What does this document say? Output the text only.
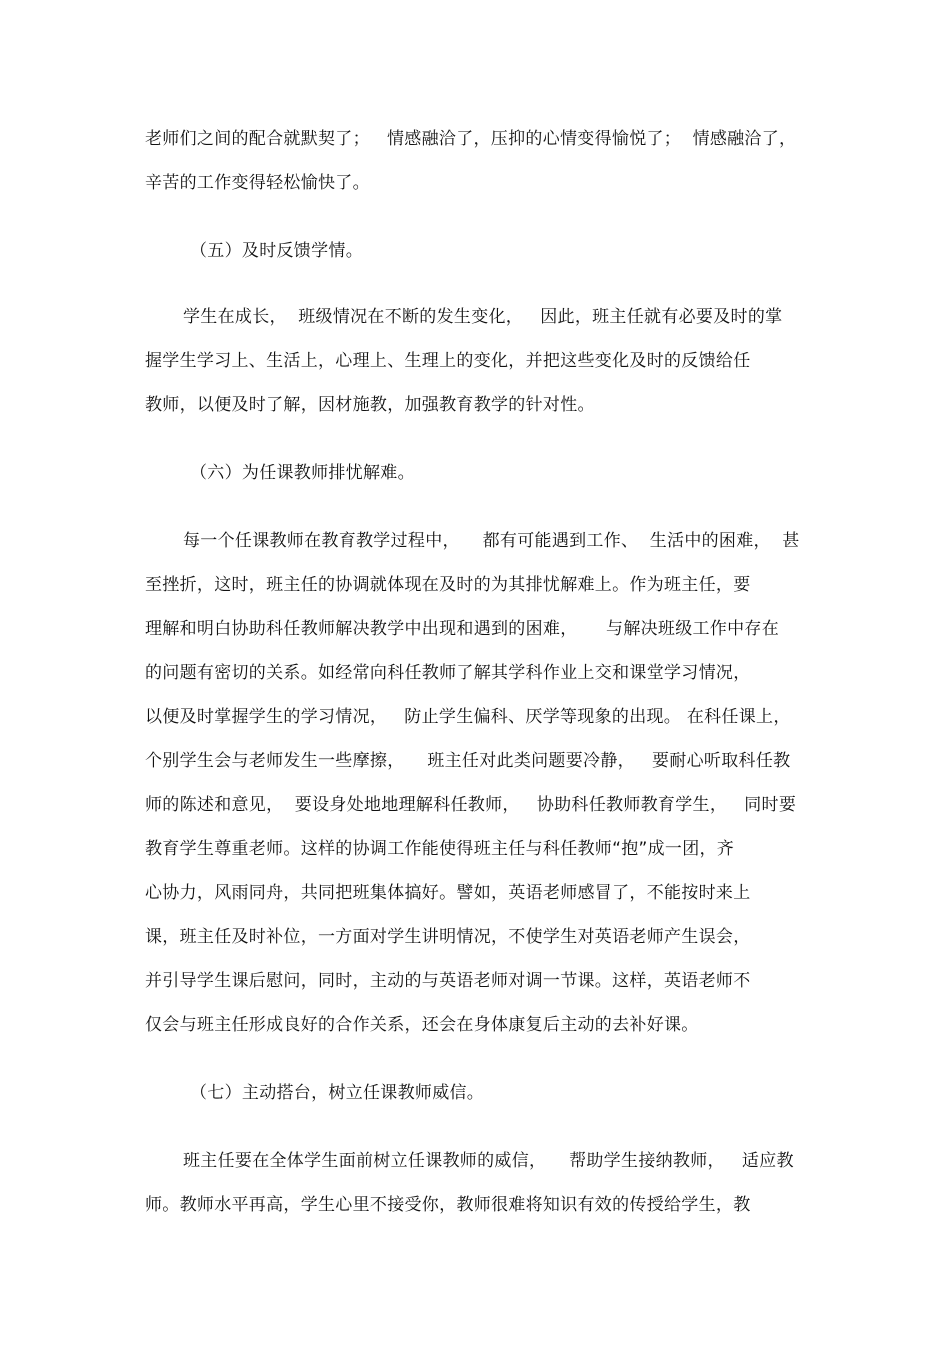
老师们之间的配合就默契了；   情感融洽了，压抑的心情变得愉悦了；  情感融洽了，
辛苦的工作变得轻松愉快了。
（五）及时反馈学情。
学生在成长，  班级情况在不断的发生变化，   因此，班主任就有必要及时的掌
握学生学习上、生活上，心理上、生理上的变化，并把这些变化及时的反馈给任
教师，以便及时了解，因材施教，加强教育教学的针对性。
（六）为任课教师排忧解难。
每一个任课教师在教育教学过程中，    都有可能遇到工作、  生活中的困难，  甚
至挫折，这时，班主任的协调就体现在及时的为其排忧解难上。作为班主任，要
理解和明白协助科任教师解决教学中出现和遇到的困难，     与解决班级工作中存在
的问题有密切的关系。如经常向科任教师了解其学科作业上交和课堂学习情况，
以便及时掌握学生的学习情况，   防止学生偏科、厌学等现象的出现。 在科任课上，
个别学生会与老师发生一些摩擦，    班主任对此类问题要冷静，   要耐心听取科任教
师的陈述和意见，  要设身处地地理解科任教师，   协助科任教师教育学生，   同时要
教育学生尊重老师。这样的协调工作能使得班主任与科任教师“抱”成一团，齐
心协力，风雨同舟，共同把班集体搞好。譬如，英语老师感冒了，不能按时来上
课，班主任及时补位，一方面对学生讲明情况，不使学生对英语老师产生误会，
并引导学生课后慰问，同时，主动的与英语老师对调一节课。这样，英语老师不
仅会与班主任形成良好的合作关系，还会在身体康复后主动的去补好课。
（七）主动搭台，树立任课教师威信。
班主任要在全体学生面前树立任课教师的威信，    帮助学生接纳教师，   适应教
师。教师水平再高，学生心里不接受你，教师很难将知识有效的传授给学生，教
